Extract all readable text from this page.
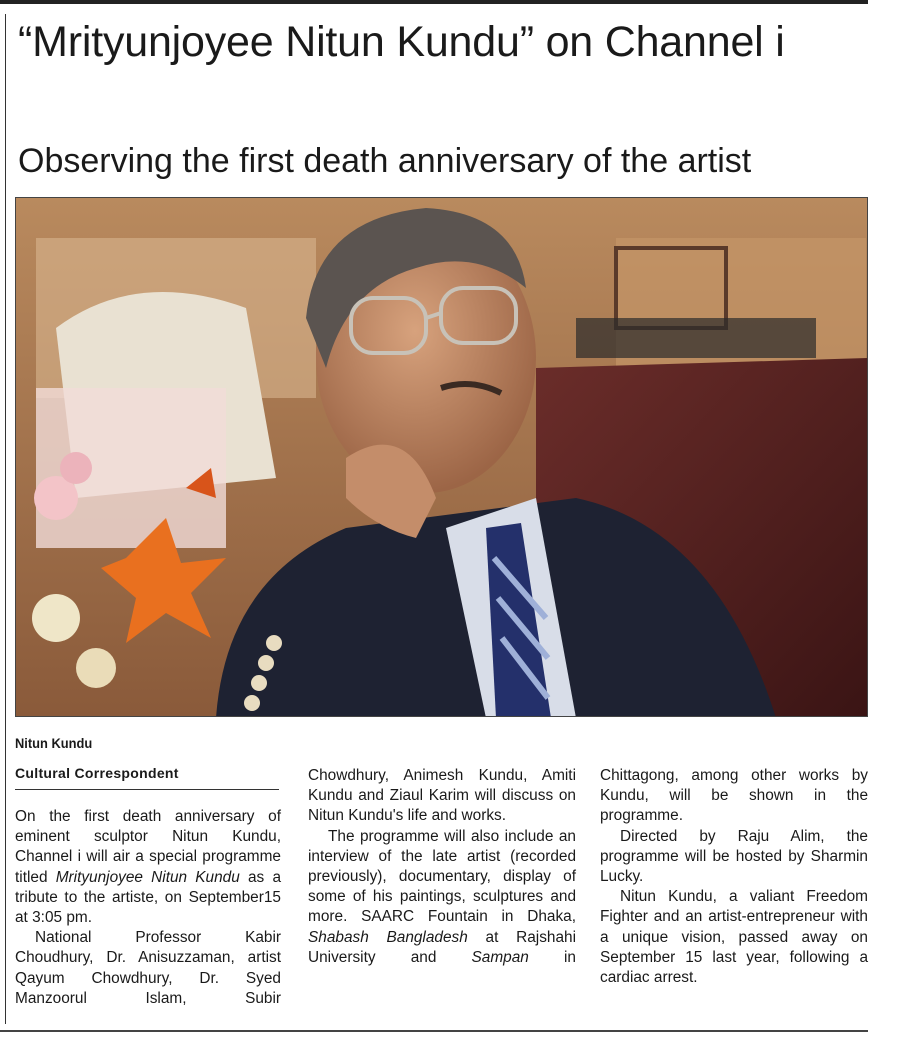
“Mrityunjoyee Nitun Kundu” on Channel i
Observing the first death anniversary of the artist
Nitun Kundu
Cultural Correspondent

On the first death anniversary of eminent sculptor Nitun Kundu, Channel i will air a special programme titled Mrityunjoyee Nitun Kundu as a tribute to the artiste, on September15 at 3:05 pm.

National Professor Kabir Choudhury, Dr. Anisuzzaman, artist Qayum Chowdhury, Dr. Syed Manzoorul Islam, Subir

Chowdhury, Animesh Kundu, Amiti Kundu and Ziaul Karim will discuss on Nitun Kundu's life and works.

The programme will also include an interview of the late artist (recorded previously), documentary, display of some of his paintings, sculptures and more. SAARC Fountain in Dhaka, Shabash Bangladesh at Rajshahi University and Sampan in

Chittagong, among other works by Kundu, will be shown in the programme.

Directed by Raju Alim, the programme will be hosted by Sharmin Lucky.

Nitun Kundu, a valiant Freedom Fighter and an artist-entrepreneur with a unique vision, passed away on September 15 last year, following a cardiac arrest.
